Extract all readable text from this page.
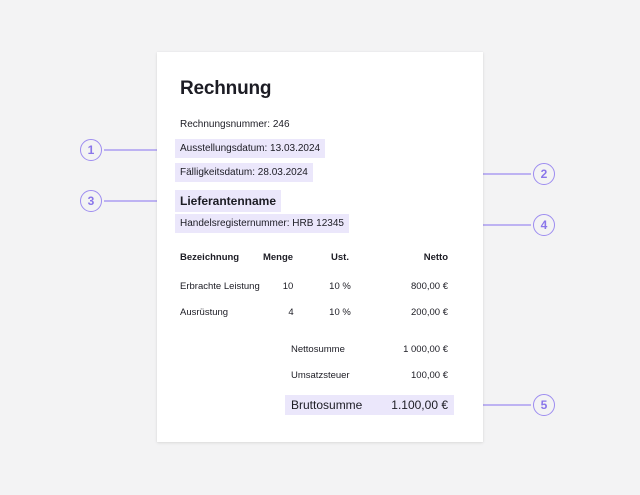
Rechnung
Rechnungsnummer: 246
Ausstellungsdatum: 13.03.2024
Fälligkeitsdatum: 28.03.2024
Lieferantenname
Handelsregisternummer: HRB 12345
Bezeichnung	Menge	Ust.	Netto
Erbrachte Leistung	10	10 %	800,00 €
Ausrüstung	4	10 %	200,00 €
Nettosumme	1 000,00 €
Umsatzsteuer	100,00 €
Bruttosumme 1.100,00 €
1
2
3
4
5
